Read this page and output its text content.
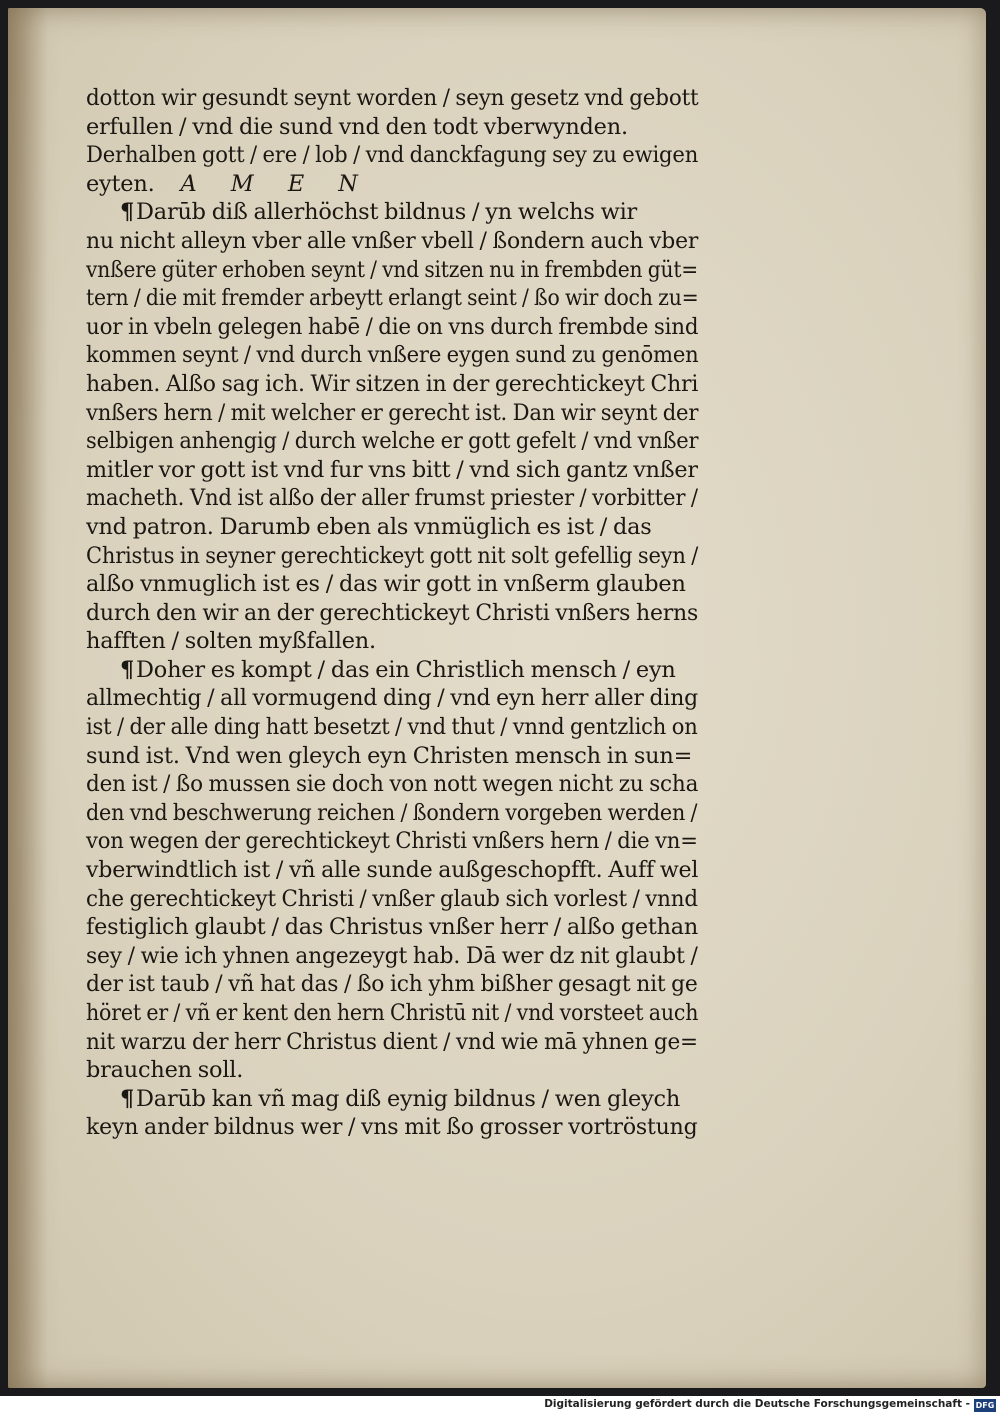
dotton wir gesundt seynt worden / seyn gesetz vnd gebott
erfullen / vnd die sund vnd den todt vberwynden.
Derhalben gott / ere / lob / vnd danckfagung sey zu ewigen
eyten. A M E N
¶Darūb diß allerhöchst bildnus / yn welchs wir
nu nicht alleyn vber alle vnßer vbell / ßondern auch vber
vnßere güter erhoben seynt / vnd sitzen nu in frembden güt=
tern / die mit fremder arbeytt erlangt seint / ßo wir doch zu=
uor in vbeln gelegen habē / die on vns durch frembde sind
kommen seynt / vnd durch vnßere eygen sund zu genōmen
haben. Alßo sag ich. Wir sitzen in der gerechtickeyt Chri
vnßers hern / mit welcher er gerecht ist. Dan wir seynt der
selbigen anhengig / durch welche er gott gefelt / vnd vnßer
mitler vor gott ist vnd fur vns bitt / vnd sich gantz vnßer
macheth. Vnd ist alßo der aller frumst priester / vorbitter /
vnd patron. Darumb eben als vnmüglich es ist / das
Christus in seyner gerechtickeyt gott nit solt gefellig seyn /
alßo vnmuglich ist es / das wir gott in vnßerm glauben
durch den wir an der gerechtickeyt Christi vnßers herns
hafften / solten myßfallen.
¶Doher es kompt / das ein Christlich mensch / eyn
allmechtig / all vormugend ding / vnd eyn herr aller ding
ist / der alle ding hatt besetzt / vnd thut / vnnd gentzlich on
sund ist. Vnd wen gleych eyn Christen mensch in sun=
den ist / ßo mussen sie doch von nott wegen nicht zu scha
den vnd beschwerung reichen / ßondern vorgeben werden /
von wegen der gerechtickeyt Christi vnßers hern / die vn=
vberwindtlich ist / vñ alle sunde außgeschopfft. Auff wel
che gerechtickeyt Christi / vnßer glaub sich vorlest / vnnd
festiglich glaubt / das Christus vnßer herr / alßo gethan
sey / wie ich yhnen angezeygt hab. Dā wer dz nit glaubt /
der ist taub / vñ hat das / ßo ich yhm bißher gesagt nit ge
höret er / vñ er kent den hern Christū nit / vnd vorsteet auch
nit warzu der herr Christus dient / vnd wie mā yhnen ge=
brauchen soll.
¶Darūb kan vñ mag diß eynig bildnus / wen gleych
keyn ander bildnus wer / vns mit ßo grosser vortröstung
Digitalisierung gefördert durch die Deutsche Forschungsgemeinschaft - DFG
